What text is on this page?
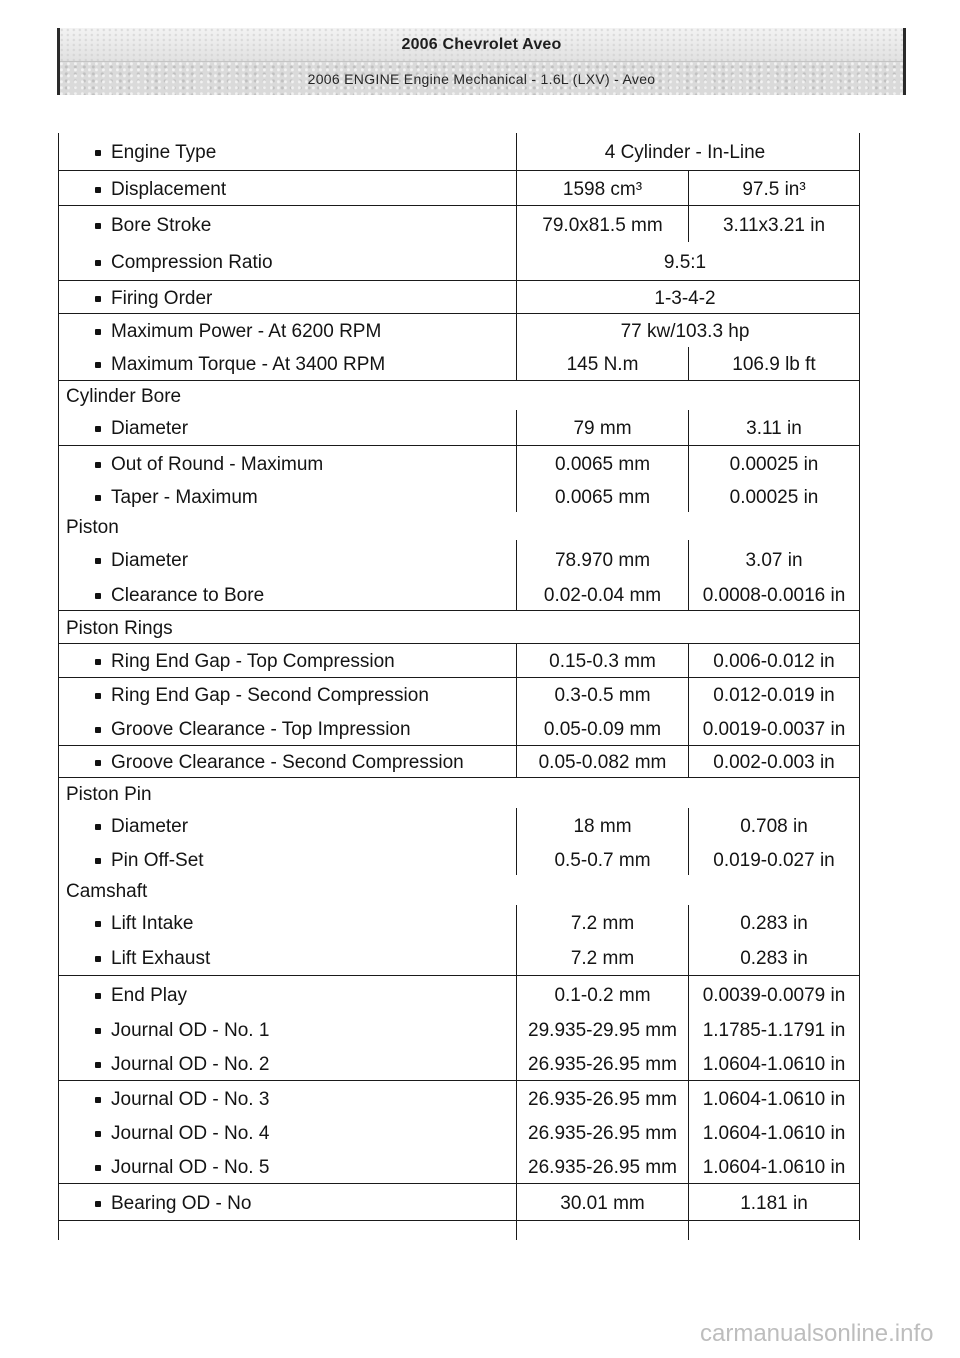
2006 Chevrolet Aveo
2006 ENGINE Engine Mechanical - 1.6L (LXV) - Aveo
Engine Type	4 Cylinder - In-Line
Displacement	1598 cm³	97.5 in³
Bore Stroke	79.0x81.5 mm	3.11x3.21 in
Compression Ratio	9.5:1
Firing Order	1-3-4-2
Maximum Power - At 6200 RPM	77 kw/103.3 hp
Maximum Torque - At 3400 RPM	145 N.m	106.9 lb ft
Cylinder Bore
Diameter	79 mm	3.11 in
Out of Round - Maximum	0.0065 mm	0.00025 in
Taper - Maximum	0.0065 mm	0.00025 in
Piston
Diameter	78.970 mm	3.07 in
Clearance to Bore	0.02-0.04 mm	0.0008-0.0016 in
Piston Rings
Ring End Gap - Top Compression	0.15-0.3 mm	0.006-0.012 in
Ring End Gap - Second Compression	0.3-0.5 mm	0.012-0.019 in
Groove Clearance - Top Impression	0.05-0.09 mm	0.0019-0.0037 in
Groove Clearance - Second Compression	0.05-0.082 mm	0.002-0.003 in
Piston Pin
Diameter	18 mm	0.708 in
Pin Off-Set	0.5-0.7 mm	0.019-0.027 in
Camshaft
Lift Intake	7.2 mm	0.283 in
Lift Exhaust	7.2 mm	0.283 in
End Play	0.1-0.2 mm	0.0039-0.0079 in
Journal OD - No. 1	29.935-29.95 mm	1.1785-1.1791 in
Journal OD - No. 2	26.935-26.95 mm	1.0604-1.0610 in
Journal OD - No. 3	26.935-26.95 mm	1.0604-1.0610 in
Journal OD - No. 4	26.935-26.95 mm	1.0604-1.0610 in
Journal OD - No. 5	26.935-26.95 mm	1.0604-1.0610 in
Bearing OD - No	30.01 mm	1.181 in
carmanualsonline.info
